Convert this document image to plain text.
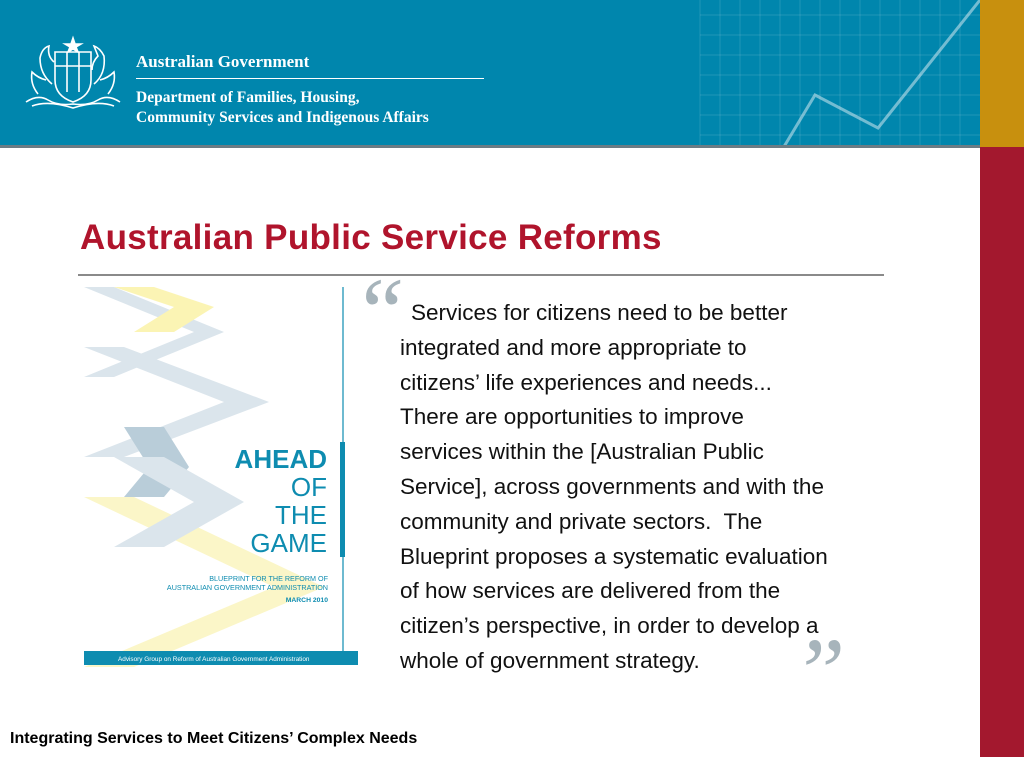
Australian Government
Department of Families, Housing,
Community Services and Indigenous Affairs
Australian Public Service Reforms
AHEAD
OF
THE
GAME
BLUEPRINT FOR THE REFORM OF
AUSTRALIAN GOVERNMENT ADMINISTRATION
MARCH 2010
Advisory Group on Reform of Australian Government Administration
“ Services for citizens need to be better
integrated and more appropriate to
citizens’ life experiences and needs...
There are opportunities to improve
services within the [Australian Public
Service], across governments and with the
community and private sectors.  The
Blueprint proposes a systematic evaluation
of how services are delivered from the
citizen’s perspective, in order to develop a
whole of government strategy. ”
Integrating Services to Meet Citizens’ Complex Needs
